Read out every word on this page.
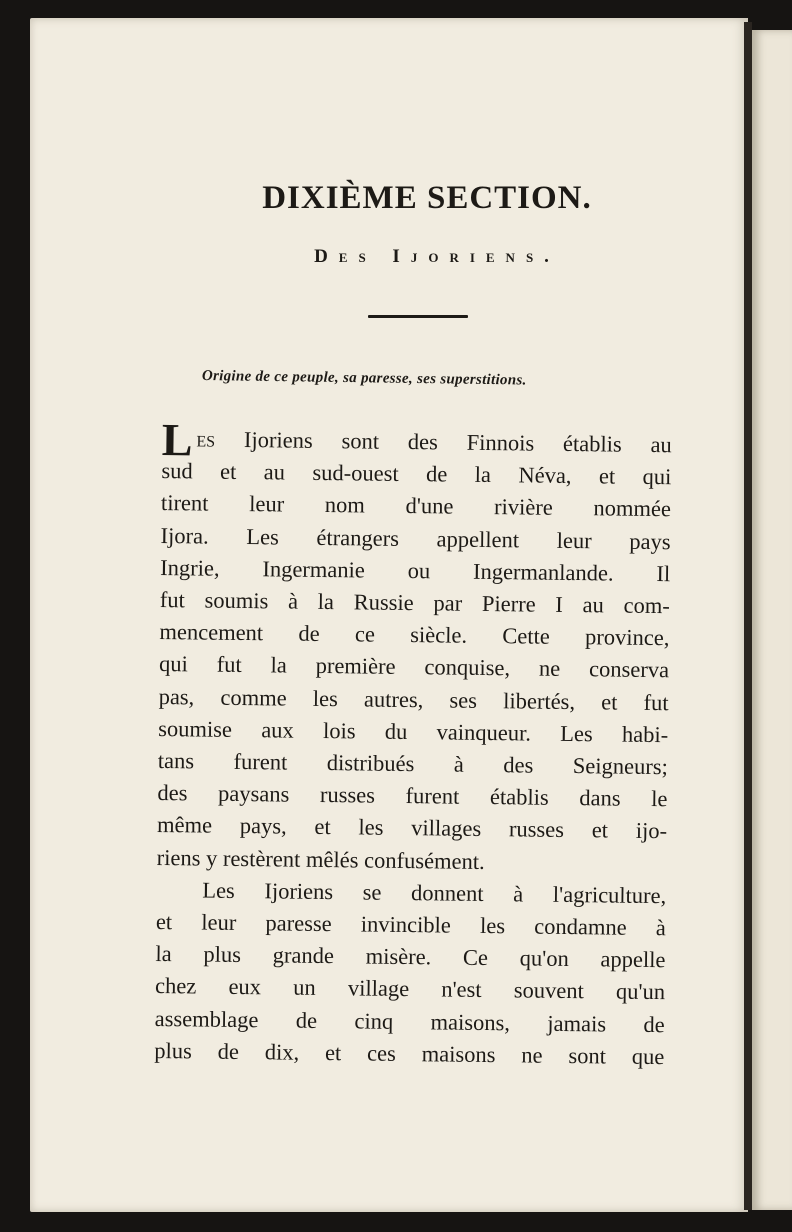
DIXIÈME SECTION.
Des Ijoriens.
Origine de ce peuple, sa paresse, ses superstitions.
Les Ijoriens sont des Finnois établis au
sud et au sud-ouest de la Néva, et qui
tirent leur nom d'une rivière nommée
Ijora. Les étrangers appellent leur pays
Ingrie, Ingermanie ou Ingermanlande. Il
fut soumis à la Russie par Pierre I au com-
mencement de ce siècle. Cette province,
qui fut la première conquise, ne conserva
pas, comme les autres, ses libertés, et fut
soumise aux lois du vainqueur. Les habi-
tans furent distribués à des Seigneurs;
des paysans russes furent établis dans le
même pays, et les villages russes et ijo-
riens y restèrent mêlés confusément.
Les Ijoriens se donnent à l'agriculture,
et leur paresse invincible les condamne à
la plus grande misère. Ce qu'on appelle
chez eux un village n'est souvent qu'un
assemblage de cinq maisons, jamais de
plus de dix, et ces maisons ne sont que
